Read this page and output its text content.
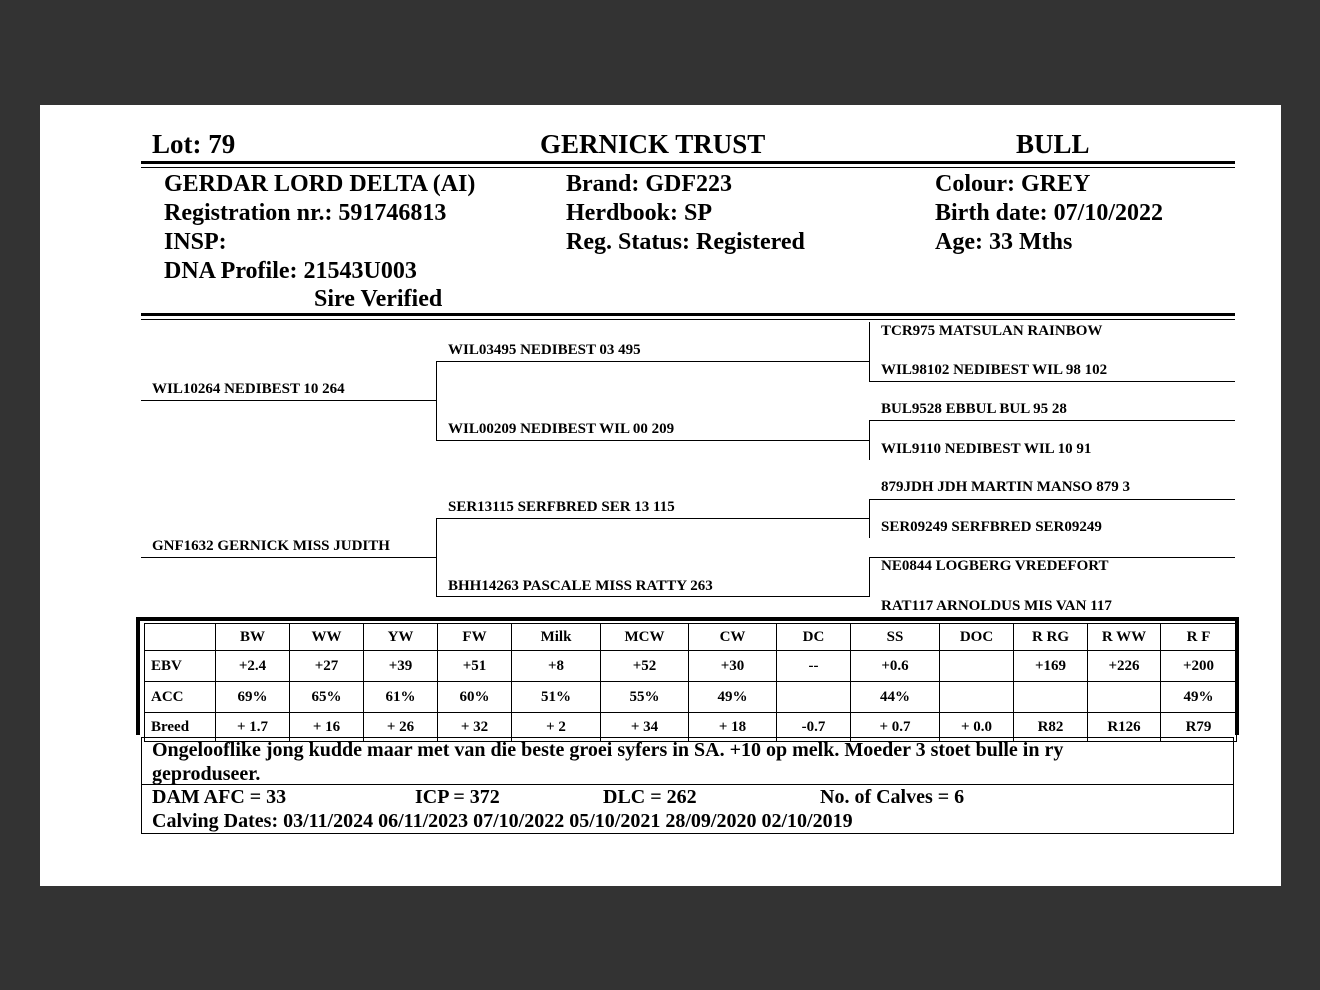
Lot: 79	GERNICK TRUST	BULL
GERDAR LORD DELTA (AI)
Registration nr.: 591746813
INSP:
DNA Profile: 21543U003
Sire Verified
Brand: GDF223
Herdbook: SP
Reg. Status: Registered
Colour: GREY
Birth date: 07/10/2022
Age: 33 Mths
WIL10264 NEDIBEST 10 264
GNF1632 GERNICK MISS JUDITH
WIL03495 NEDIBEST 03 495
WIL00209 NEDIBEST WIL 00 209
SER13115 SERFBRED SER 13 115
BHH14263 PASCALE MISS RATTY 263
TCR975 MATSULAN RAINBOW
WIL98102 NEDIBEST WIL 98 102
BUL9528 EBBUL BUL 95 28
WIL9110 NEDIBEST WIL 10 91
879JDH JDH MARTIN MANSO 879 3
SER09249 SERFBRED SER09249
NE0844 LOGBERG VREDEFORT
RAT117 ARNOLDUS MIS VAN 117
	BW	WW	YW	FW	Milk	MCW	CW	DC	SS	DOC	R RG	R WW	R F
EBV	+2.4	+27	+39	+51	+8	+52	+30	--	+0.6		+169	+226	+200
ACC	69%	65%	61%	60%	51%	55%	49%		44%				49%
Breed	+ 1.7	+ 16	+ 26	+ 32	+ 2	+ 34	+ 18	-0.7	+ 0.7	+ 0.0	R82	R126	R79
Ongelooflike jong kudde maar met van die beste groei syfers in SA. +10 op melk. Moeder 3 stoet bulle in ry
geproduseer.
DAM AFC = 33	ICP = 372	DLC = 262	No. of Calves = 6
Calving Dates: 03/11/2024 06/11/2023 07/10/2022 05/10/2021 28/09/2020 02/10/2019
